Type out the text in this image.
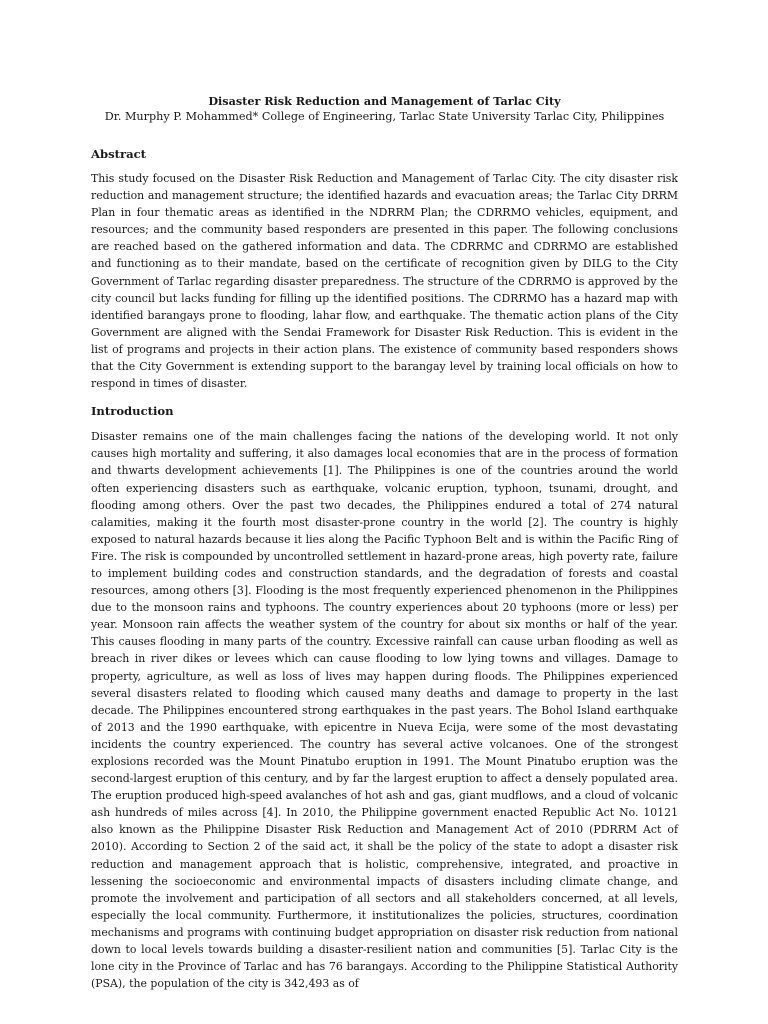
Disaster Risk Reduction and Management of Tarlac City

Dr. Murphy P. Mohammed* College of Engineering, Tarlac State University Tarlac City, Philippines

Abstract

This study focused on the Disaster Risk Reduction and Management of Tarlac City. The city disaster risk reduction and management structure; the identified hazards and evacuation areas; the Tarlac City DRRM Plan in four thematic areas as identified in the NDRRM Plan; the CDRRMO vehicles, equipment, and resources; and the community based responders are presented in this paper. The following conclusions are reached based on the gathered information and data. The CDRRMC and CDRRMO are established and functioning as to their mandate, based on the certificate of recognition given by DILG to the City Government of Tarlac regarding disaster preparedness. The structure of the CDRRMO is approved by the city council but lacks funding for filling up the identified positions. The CDRRMO has a hazard map with identified barangays prone to flooding, lahar flow, and earthquake. The thematic action plans of the City Government are aligned with the Sendai Framework for Disaster Risk Reduction. This is evident in the list of programs and projects in their action plans. The existence of community based responders shows that the City Government is extending support to the barangay level by training local officials on how to respond in times of disaster.

Introduction

Disaster remains one of the main challenges facing the nations of the developing world. It not only causes high mortality and suffering, it also damages local economies that are in the process of formation and thwarts development achievements [1]. The Philippines is one of the countries around the world often experiencing disasters such as earthquake, volcanic eruption, typhoon, tsunami, drought, and flooding among others. Over the past two decades, the Philippines endured a total of 274 natural calamities, making it the fourth most disaster-prone country in the world [2]. The country is highly exposed to natural hazards because it lies along the Pacific Typhoon Belt and is within the Pacific Ring of Fire. The risk is compounded by uncontrolled settlement in hazard-prone areas, high poverty rate, failure to implement building codes and construction standards, and the degradation of forests and coastal resources, among others [3]. Flooding is the most frequently experienced phenomenon in the Philippines due to the monsoon rains and typhoons. The country experiences about 20 typhoons (more or less) per year. Monsoon rain affects the weather system of the country for about six months or half of the year. This causes flooding in many parts of the country. Excessive rainfall can cause urban flooding as well as breach in river dikes or levees which can cause flooding to low lying towns and villages. Damage to property, agriculture, as well as loss of lives may happen during floods. The Philippines experienced several disasters related to flooding which caused many deaths and damage to property in the last decade. The Philippines encountered strong earthquakes in the past years. The Bohol Island earthquake of 2013 and the 1990 earthquake, with epicentre in Nueva Ecija, were some of the most devastating incidents the country experienced. The country has several active volcanoes. One of the strongest explosions recorded was the Mount Pinatubo eruption in 1991. The Mount Pinatubo eruption was the second-largest eruption of this century, and by far the largest eruption to affect a densely populated area. The eruption produced high-speed avalanches of hot ash and gas, giant mudflows, and a cloud of volcanic ash hundreds of miles across [4]. In 2010, the Philippine government enacted Republic Act No. 10121 also known as the Philippine Disaster Risk Reduction and Management Act of 2010 (PDRRM Act of 2010). According to Section 2 of the said act, it shall be the policy of the state to adopt a disaster risk reduction and management approach that is holistic, comprehensive, integrated, and proactive in lessening the socioeconomic and environmental impacts of disasters including climate change, and promote the involvement and participation of all sectors and all stakeholders concerned, at all levels, especially the local community. Furthermore, it institutionalizes the policies, structures, coordination mechanisms and programs with continuing budget appropriation on disaster risk reduction from national down to local levels towards building a disaster-resilient nation and communities [5]. Tarlac City is the lone city in the Province of Tarlac and has 76 barangays. According to the Philippine Statistical Authority (PSA), the population of the city is 342,493 as of
